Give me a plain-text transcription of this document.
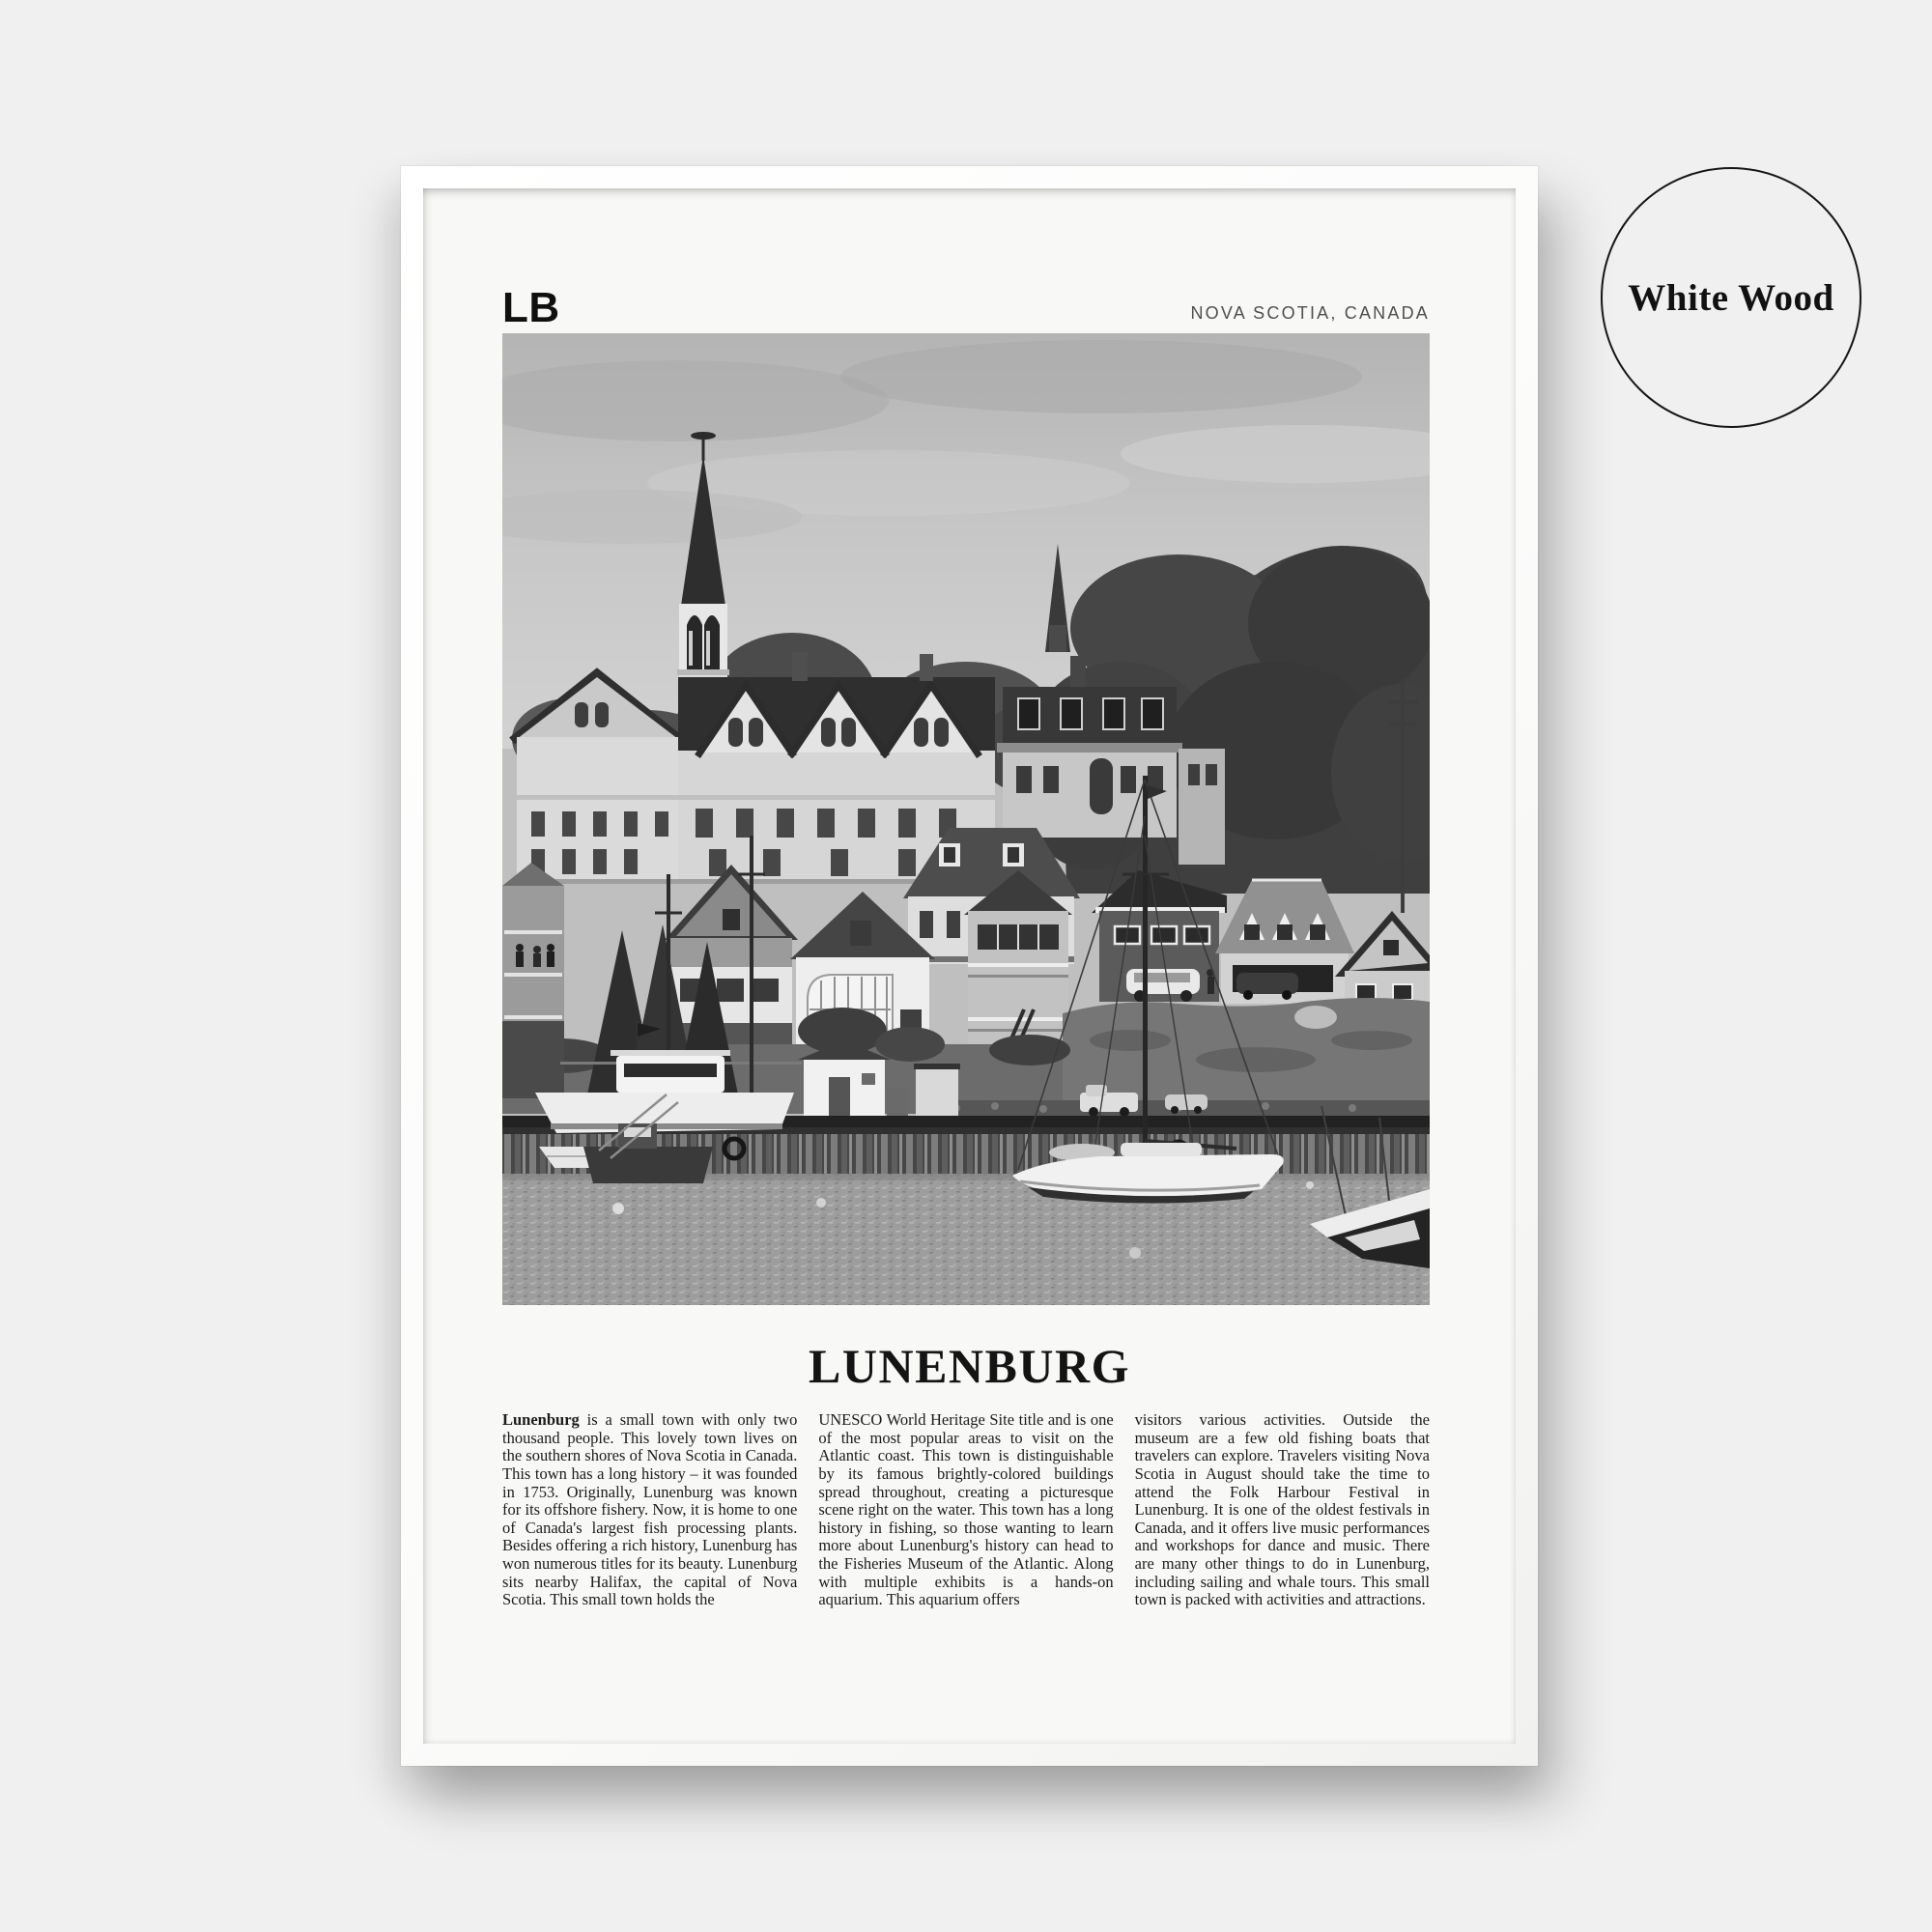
LB	NOVA SCOTIA, CANADA
LUNENBURG
Lunenburg is a small town with only two thousand people. This lovely town lives on the southern shores of Nova Scotia in Canada. This town has a long history – it was founded in 1753. Originally, Lunenburg was known for its offshore fishery. Now, it is home to one of Canada's largest fish processing plants. Besides offering a rich history, Lunenburg has won numerous titles for its beauty. Lunenburg sits nearby Halifax, the capital of Nova Scotia. This small town holds the
UNESCO World Heritage Site title and is one of the most popular areas to visit on the Atlantic coast. This town is distinguishable by its famous brightly-colored buildings spread throughout, creating a picturesque scene right on the water. This town has a long history in fishing, so those wanting to learn more about Lunenburg's history can head to the Fisheries Museum of the Atlantic. Along with multiple exhibits is a hands-on aquarium. This aquarium offers
visitors various activities. Outside the museum are a few old fishing boats that travelers can explore. Travelers visiting Nova Scotia in August should take the time to attend the Folk Harbour Festival in Lunenburg. It is one of the oldest festivals in Canada, and it offers live music performances and workshops for dance and music. There are many other things to do in Lunenburg, including sailing and whale tours. This small town is packed with activities and attractions.
White Wood
